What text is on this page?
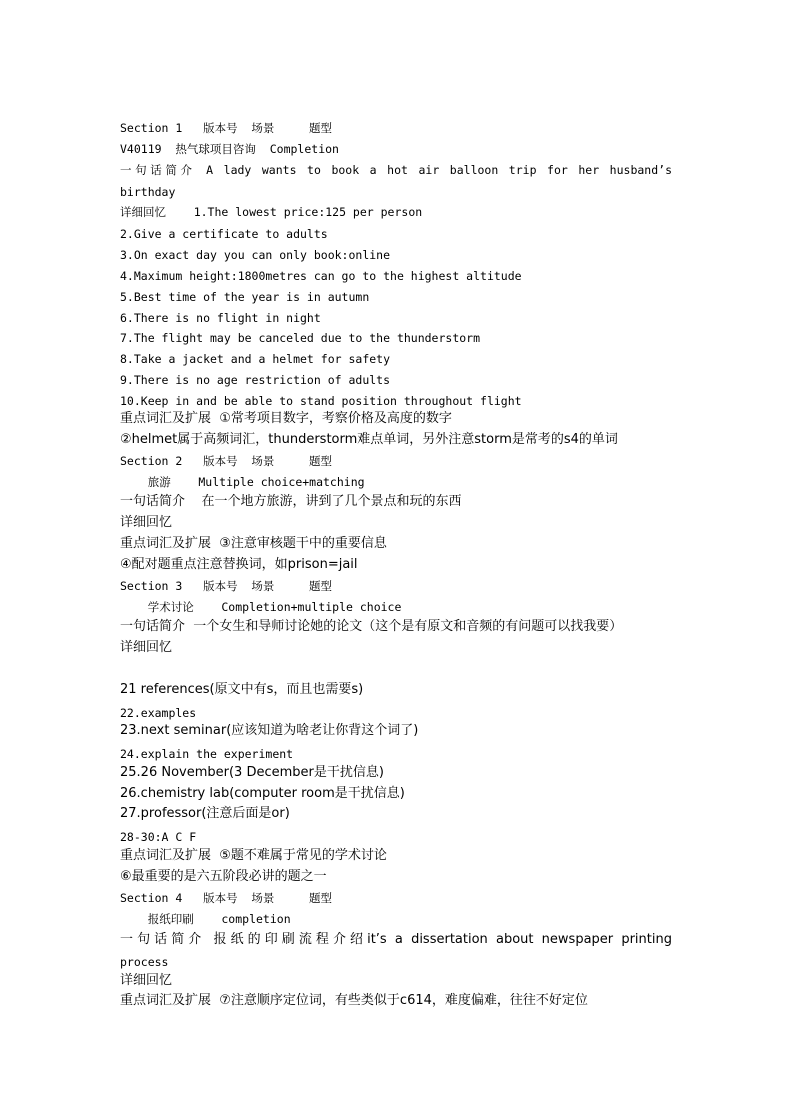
Section 1   版本号  场景     题型
V40119  热气球项目咨询  Completion
一句话简介 A lady wants to book a hot air balloon trip for her husband’s
birthday
详细回忆    1.The lowest price:125 per person
2.Give a certificate to adults
3.On exact day you can only book:online
4.Maximum height:1800metres can go to the highest altitude
5.Best time of the year is in autumn
6.There is no flight in night
7.The flight may be canceled due to the thunderstorm
8.Take a jacket and a helmet for safety
9.There is no age restriction of adults
10.Keep in and be able to stand position throughout flight
重点词汇及扩展  ①常考项目数字，考察价格及高度的数字
②helmet属于高频词汇，thunderstorm难点单词，另外注意storm是常考的s4的单词
Section 2   版本号  场景     题型
旅游    Multiple choice+matching
一句话简介    在一个地方旅游，讲到了几个景点和玩的东西
详细回忆
重点词汇及扩展  ③注意审核题干中的重要信息
④配对题重点注意替换词，如prison=jail
Section 3   版本号  场景     题型
学术讨论    Completion+multiple choice
一句话简介  一个女生和导师讨论她的论文（这个是有原文和音频的有问题可以找我要）
详细回忆
21 references(原文中有s，而且也需要s)
22.examples
23.next seminar(应该知道为啥老让你背这个词了)
24.explain the experiment
25.26 November(3 December是干扰信息)
26.chemistry lab(computer room是干扰信息)
27.professor(注意后面是or)
28-30:A C F
重点词汇及扩展  ⑤题不难属于常见的学术讨论
⑥最重要的是六五阶段必讲的题之一
Section 4   版本号  场景     题型
报纸印刷    completion
一句话简介 报纸的印刷流程介绍it’s a dissertation about newspaper printing
process
详细回忆
重点词汇及扩展  ⑦注意顺序定位词，有些类似于c614，难度偏难，往往不好定位
